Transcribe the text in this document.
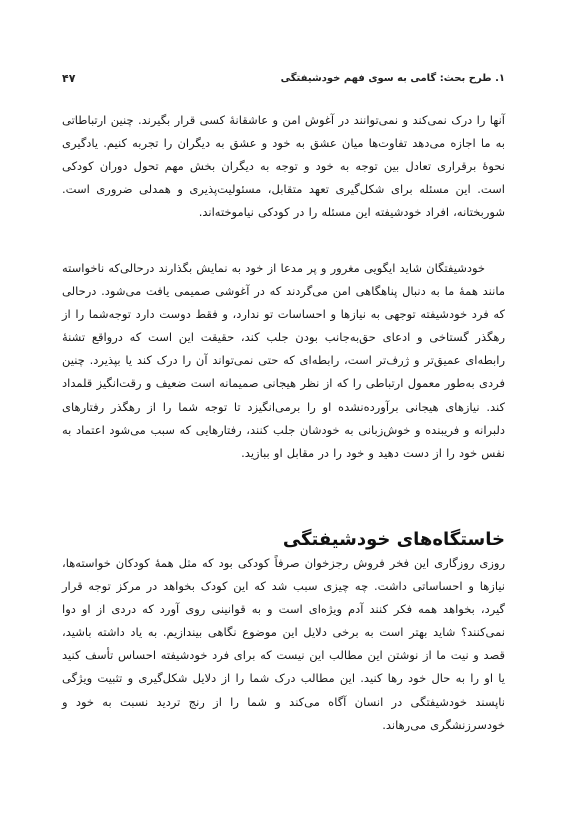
۱. طرح بحث: گامی به سوی فهم خودشیفتگی
۴۷

آنها را درک نمی‌کند و نمی‌توانند در آغوش امن و عاشقانۀ کسی قرار بگیرند. چنین ارتباطاتی به ما اجازه می‌دهد تفاوت‌ها میان عشق به خود و عشق به دیگران را تجربه کنیم. یادگیری نحوۀ برقراری تعادل بین توجه به خود و توجه به دیگران بخش مهم تحول دوران کودکی است. این مسئله برای شکل‌گیری تعهد متقابل، مسئولیت‌پذیری و همدلی ضروری است. شوربختانه، افراد خودشیفته این مسئله را در کودکی نیاموخته‌اند.

خودشیفتگان شاید ایگویی مغرور و پر مدعا از خود به نمایش بگذارند درحالی‌که ناخواسته مانند همۀ ما به دنبال پناهگاهی امن می‌گردند که در آغوشی صمیمی یافت می‌شود. درحالی که فرد خودشیفته توجهی به نیازها و احساسات تو ندارد، و فقط دوست دارد توجه‌شما را از رهگذر گستاخی و ادعای حق‌به‌جانب بودن جلب کند، حقیقت این است که درواقع تشنۀ رابطه‌ای عمیق‌تر و ژرف‌تر است، رابطه‌ای که حتی نمی‌تواند آن را درک کند یا بپذیرد. چنین فردی به‌طور معمول ارتباطی را که از نظر هیجانی صمیمانه است ضعیف و رقت‌انگیز قلمداد کند. نیازهای هیجانی برآورده‌نشده او را برمی‌انگیزد تا توجه شما را از رهگذر رفتارهای دلبرانه و فریبنده و خوش‌زبانی به خودشان جلب کنند، رفتارهایی که سبب می‌شود اعتماد به نفس خود را از دست دهید و خود را در مقابل او ببازید.

خاستگاه‌های خودشیفتگی

روزی روزگاری این فخر فروش رجزخوان صرفاً کودکی بود که مثل همۀ کودکان خواسته‌ها، نیازها و احساساتی داشت. چه چیزی سبب شد که این کودک بخواهد در مرکز توجه قرار گیرد، بخواهد همه فکر کنند آدم ویژه‌ای است و به قوانینی روی آورد که دردی از او دوا نمی‌کنند؟ شاید بهتر است به برخی دلایل این موضوع نگاهی بیندازیم. به یاد داشته باشید، قصد و نیت ما از نوشتن این مطالب این نیست که برای فرد خودشیفته احساس تأسف کنید یا او را به حال خود رها کنید. این مطالب درک شما را از دلایل شکل‌گیری و تثبیت ویژگی ناپسند خودشیفتگی در انسان آگاه می‌کند و شما را از رنج تردید نسبت به خود و خود‌سرزنشگری می‌رهاند.
